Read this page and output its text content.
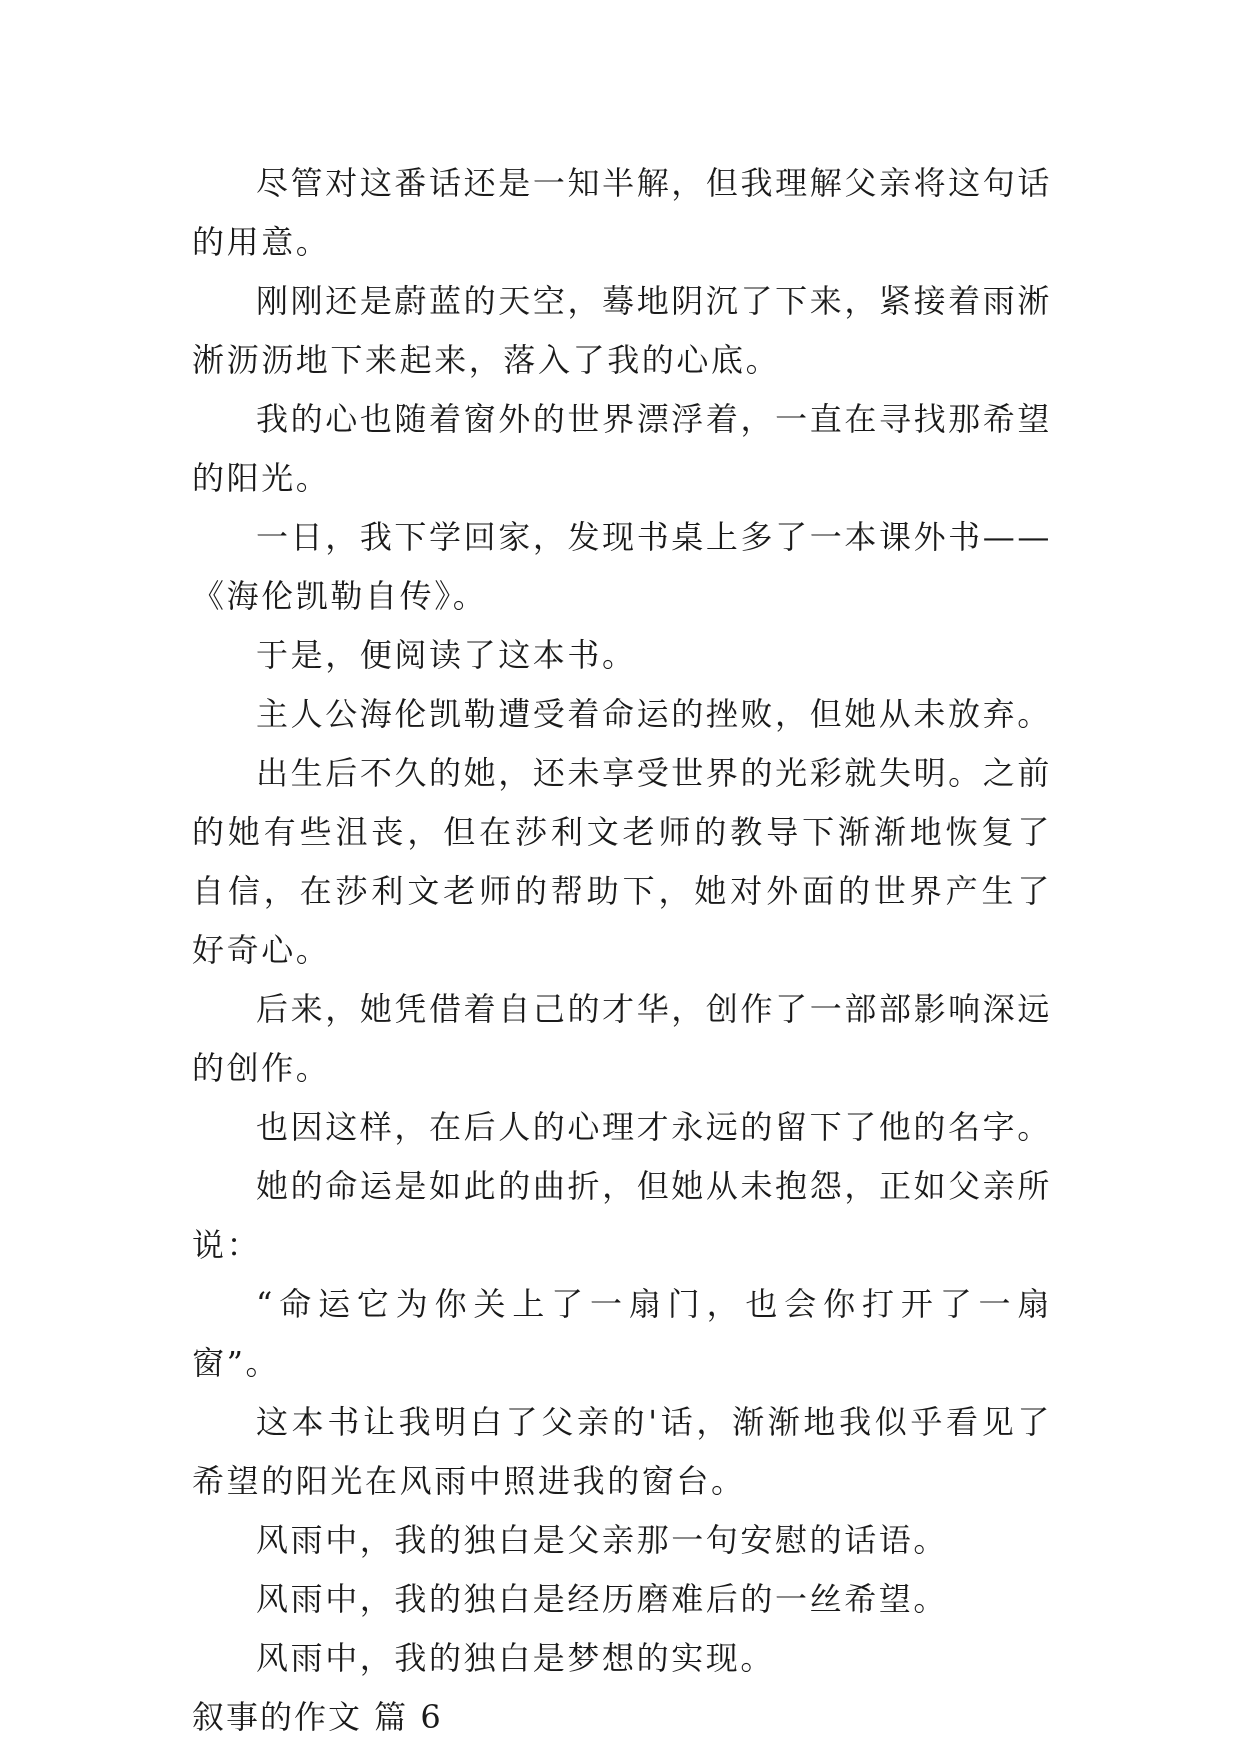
尽管对这番话还是一知半解，但我理解父亲将这句话的用意。

刚刚还是蔚蓝的天空，蓦地阴沉了下来，紧接着雨淅淅沥沥地下来起来，落入了我的心底。

我的心也随着窗外的世界漂浮着，一直在寻找那希望的阳光。

一日，我下学回家，发现书桌上多了一本课外书——《海伦凯勒自传》。

于是，便阅读了这本书。

主人公海伦凯勒遭受着命运的挫败，但她从未放弃。

出生后不久的她，还未享受世界的光彩就失明。之前的她有些沮丧，但在莎利文老师的教导下渐渐地恢复了自信，在莎利文老师的帮助下，她对外面的世界产生了好奇心。

后来，她凭借着自己的才华，创作了一部部影响深远的创作。

也因这样，在后人的心理才永远的留下了他的名字。

她的命运是如此的曲折，但她从未抱怨，正如父亲所说：

“命运它为你关上了一扇门，也会你打开了一扇窗”。

这本书让我明白了父亲的'话，渐渐地我似乎看见了希望的阳光在风雨中照进我的窗台。

风雨中，我的独白是父亲那一句安慰的话语。

风雨中，我的独白是经历磨难后的一丝希望。

风雨中，我的独白是梦想的实现。

叙事的作文 篇 6
